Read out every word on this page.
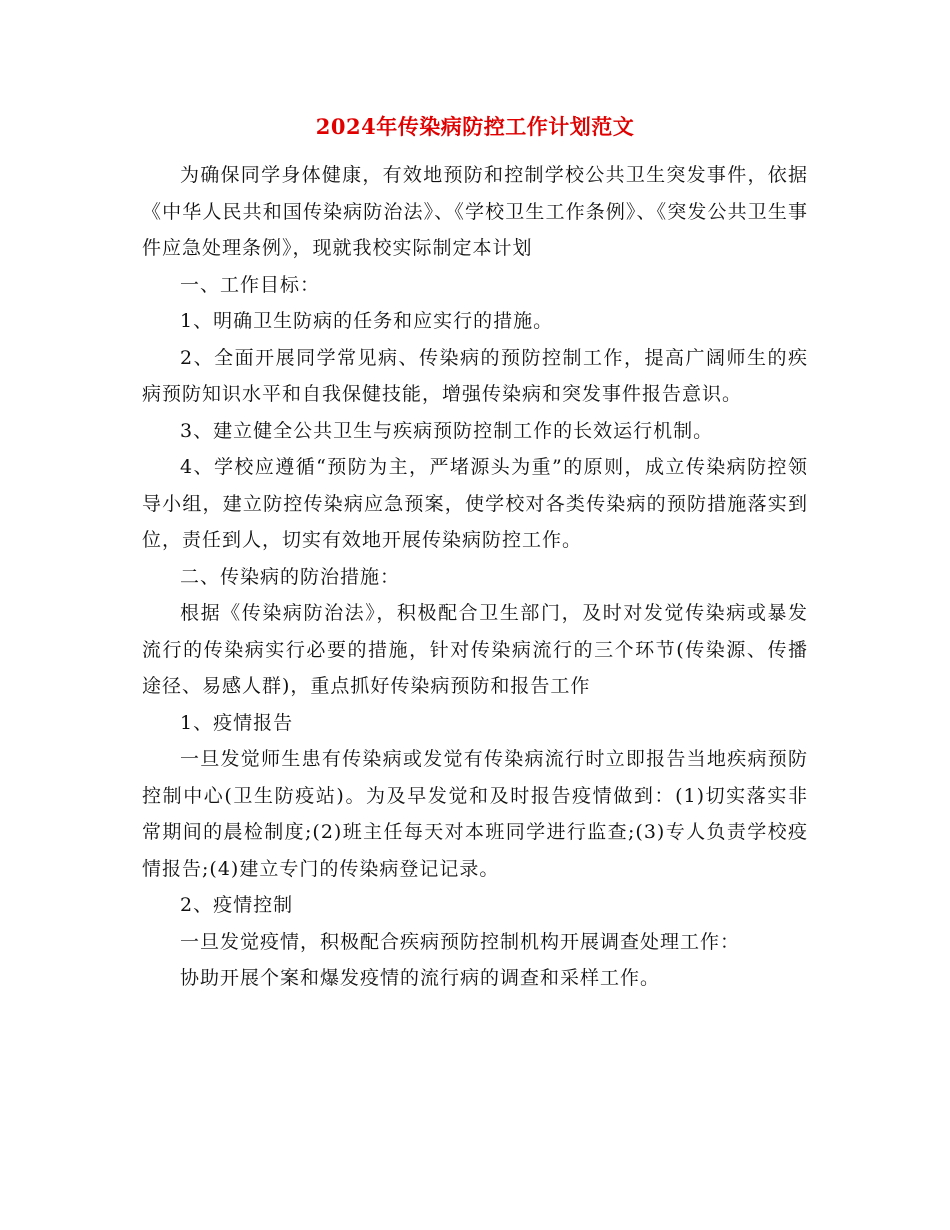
2024年传染病防控工作计划范文

为确保同学身体健康，有效地预防和控制学校公共卫生突发事件，依据《中华人民共和国传染病防治法》、《学校卫生工作条例》、《突发公共卫生事件应急处理条例》，现就我校实际制定本计划

一、工作目标：

1、明确卫生防病的任务和应实行的措施。

2、全面开展同学常见病、传染病的预防控制工作，提高广阔师生的疾病预防知识水平和自我保健技能，增强传染病和突发事件报告意识。

3、建立健全公共卫生与疾病预防控制工作的长效运行机制。

4、学校应遵循“预防为主，严堵源头为重”的原则，成立传染病防控领导小组，建立防控传染病应急预案，使学校对各类传染病的预防措施落实到位，责任到人，切实有效地开展传染病防控工作。

二、传染病的防治措施：

根据《传染病防治法》，积极配合卫生部门，及时对发觉传染病或暴发流行的传染病实行必要的措施，针对传染病流行的三个环节(传染源、传播途径、易感人群)，重点抓好传染病预防和报告工作

1、疫情报告

一旦发觉师生患有传染病或发觉有传染病流行时立即报告当地疾病预防控制中心(卫生防疫站)。为及早发觉和及时报告疫情做到：(1)切实落实非常期间的晨检制度;(2)班主任每天对本班同学进行监查;(3)专人负责学校疫情报告;(4)建立专门的传染病登记记录。

2、疫情控制

一旦发觉疫情，积极配合疾病预防控制机构开展调查处理工作：

协助开展个案和爆发疫情的流行病的调查和采样工作。
